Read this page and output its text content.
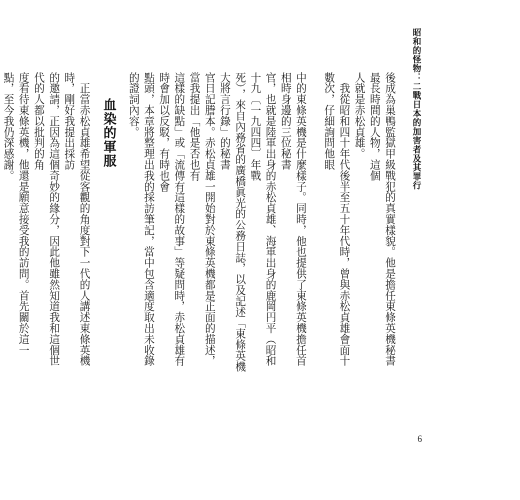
昭和的怪物：二戰日本的加害者及其罪行

後成為巢鴨監獄甲級戰犯的真實樣貌。他是擔任東條英機秘書最長時間的人物，這個

人就是赤松貞雄。

　我從昭和四十年代後半至五十年代時，曾與赤松貞雄會面十數次，仔細詢問他眼

中的東條英機是什麼樣子。同時，他也提供了東條英機擔任首相時身邊的三位秘書

官，也就是陸軍出身的赤松貞雄、海軍出身的鹿岡円平（昭和十九〔一九四四〕年戰

死），來自內務省的廣橋眞光的公務日誌，以及記述「東條英機大將言行錄」的秘書

官日記謄本。赤松貞雄一開始對於東條英機都是正面的描述，當我提出「他是否也有

這樣的缺點」或「流傳有這樣的故事」等疑問時，赤松貞雄有時會加以反駁，有時也會

點頭，本章將整理出我的採訪筆記，當中包含適度取出未收錄的證詞內容。

血染的軍服

　正當赤松貞雄希望從客觀的角度對下一代的人講述東條英機時，剛好我提出採訪

的邀請，正因為這個奇妙的緣分，因此他雖然知道我和這個世代的人都以批判的角

度看待東條英機，他還是願意接受我的訪問。首先關於這一點，至今我仍深感謝。

6
